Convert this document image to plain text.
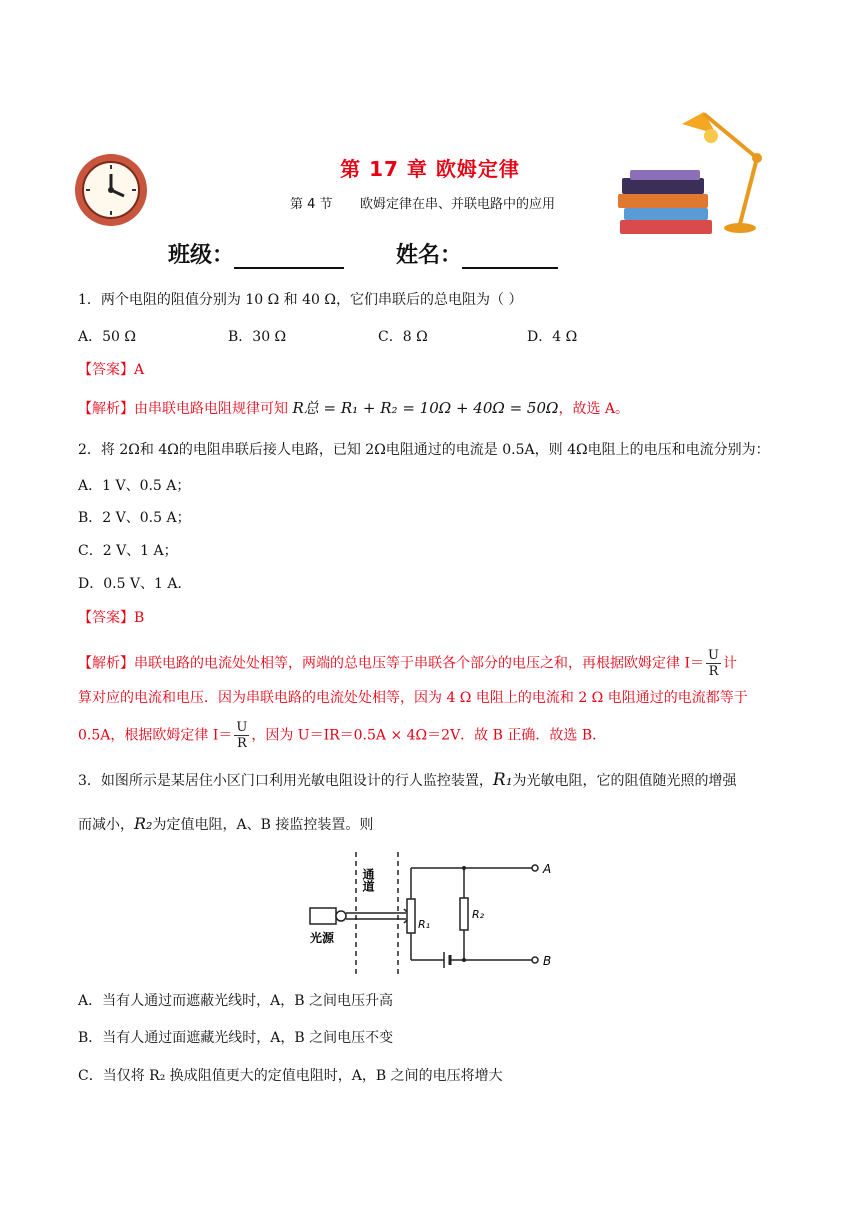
第 17 章 欧姆定律
第 4 节 欧姆定律在串、并联电路中的应用
班级：	姓名：
1．两个电阻的阻值分别为 10 Ω 和 40 Ω，它们串联后的总电阻为（ ）
A．50 Ω	B．30 Ω	C．8 Ω	D．4 Ω
【答案】A
【解析】由串联电路电阻规律可知 R总 = R₁ + R₂ = 10Ω + 40Ω = 50Ω，故选 A。
2．将 2Ω和 4Ω的电阻串联后接人电路，已知 2Ω电阻通过的电流是 0.5A，则 4Ω电阻上的电压和电流分别为：
A．1 V、0.5 A；
B．2 V、0.5 A；
C．2 V、1 A；
D．0.5 V、1 A．
【答案】B
【解析】串联电路的电流处处相等，两端的总电压等于串联各个部分的电压之和，再根据欧姆定律 $I= \frac{U}{R}$ 计
算对应的电流和电压．因为串联电路的电流处处相等，因为 4 Ω 电阻上的电流和 2 Ω 电阻通过的电流都等于
0.5A，根据欧姆定律 $I= \frac{U}{R}$ ，因为 U＝IR＝0.5A × 4Ω＝2V．故 B 正确．故选 B．
3．如图所示是某居住小区门口利用光敏电阻设计的行人监控装置，R₁为光敏电阻，它的阻值随光照的增强
而减小，R₂为定值电阻，A、B 接监控装置。则
通道
光源
R₁
R₂
A
B
A．当有人通过而遮蔽光线时，A，B 之间电压升高
B．当有人通过面遮藏光线时，A，B 之间电压不变
C．当仅将 R₂ 换成阻值更大的定值电阻时，A，B 之间的电压将增大
